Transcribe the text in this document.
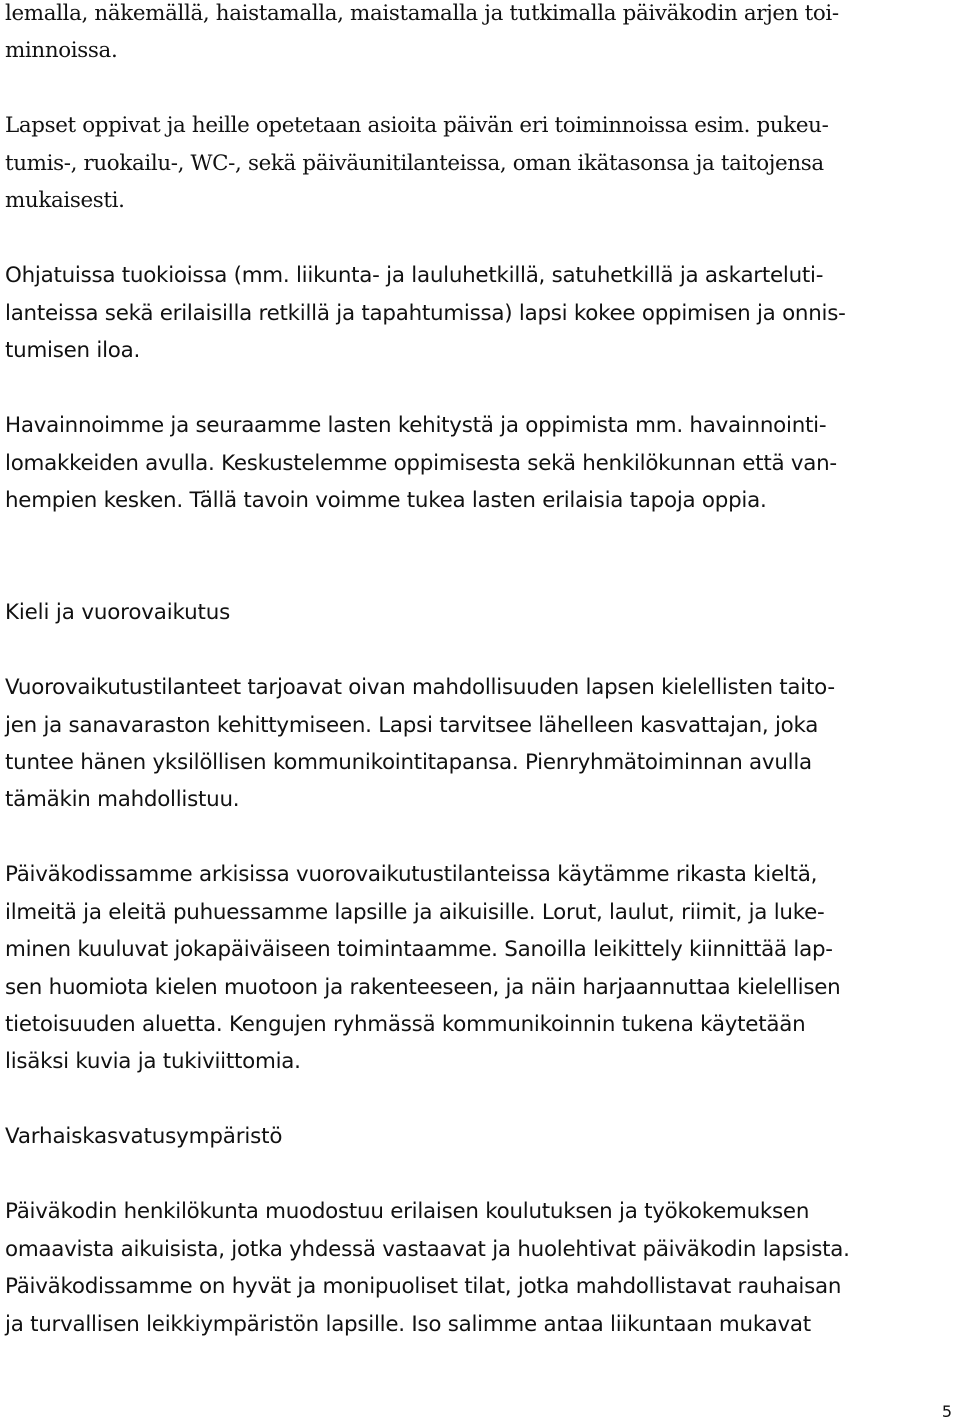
lemalla, näkemällä, haistamalla, maistamalla ja tutkimalla päiväkodin arjen toi-
minnoissa.
Lapset oppivat ja heille opetetaan asioita päivän eri toiminnoissa esim. pukeu-
tumis-, ruokailu-, WC-, sekä päiväunitilanteissa, oman ikätasonsa ja taitojensa
mukaisesti.
Ohjatuissa tuokioissa (mm. liikunta- ja lauluhetkillä, satuhetkillä ja askarteluti-
lanteissa sekä erilaisilla retkillä ja tapahtumissa) lapsi kokee oppimisen ja onnis-
tumisen iloa.
Havainnoimme ja seuraamme lasten kehitystä ja oppimista mm. havainnointi-
lomakkeiden avulla. Keskustelemme oppimisesta sekä henkilökunnan että van-
hempien kesken. Tällä tavoin voimme tukea lasten erilaisia tapoja oppia.
Kieli ja vuorovaikutus
Vuorovaikutustilanteet tarjoavat oivan mahdollisuuden lapsen kielellisten taito-
jen ja sanavaraston kehittymiseen. Lapsi tarvitsee lähelleen kasvattajan, joka
tuntee hänen yksilöllisen kommunikointitapansa. Pienryhmätoiminnan avulla
tämäkin mahdollistuu.
Päiväkodissamme arkisissa vuorovaikutustilanteissa käytämme rikasta kieltä,
ilmeitä ja eleitä puhuessamme lapsille ja aikuisille. Lorut, laulut, riimit, ja luke-
minen kuuluvat jokapäiväiseen toimintaamme. Sanoilla leikittely kiinnittää lap-
sen huomiota kielen muotoon ja rakenteeseen, ja näin harjaannuttaa kielellisen
tietoisuuden aluetta. Kengujen ryhmässä kommunikoinnin tukena käytetään
lisäksi kuvia ja tukiviittomia.
Varhaiskasvatusympäristö
Päiväkodin henkilökunta muodostuu erilaisen koulutuksen ja työkokemuksen
omaavista aikuisista, jotka yhdessä vastaavat ja huolehtivat päiväkodin lapsista.
Päiväkodissamme on hyvät ja monipuoliset tilat, jotka mahdollistavat rauhaisan
ja turvallisen leikkiympäristön lapsille. Iso salimme antaa liikuntaan mukavat
5
